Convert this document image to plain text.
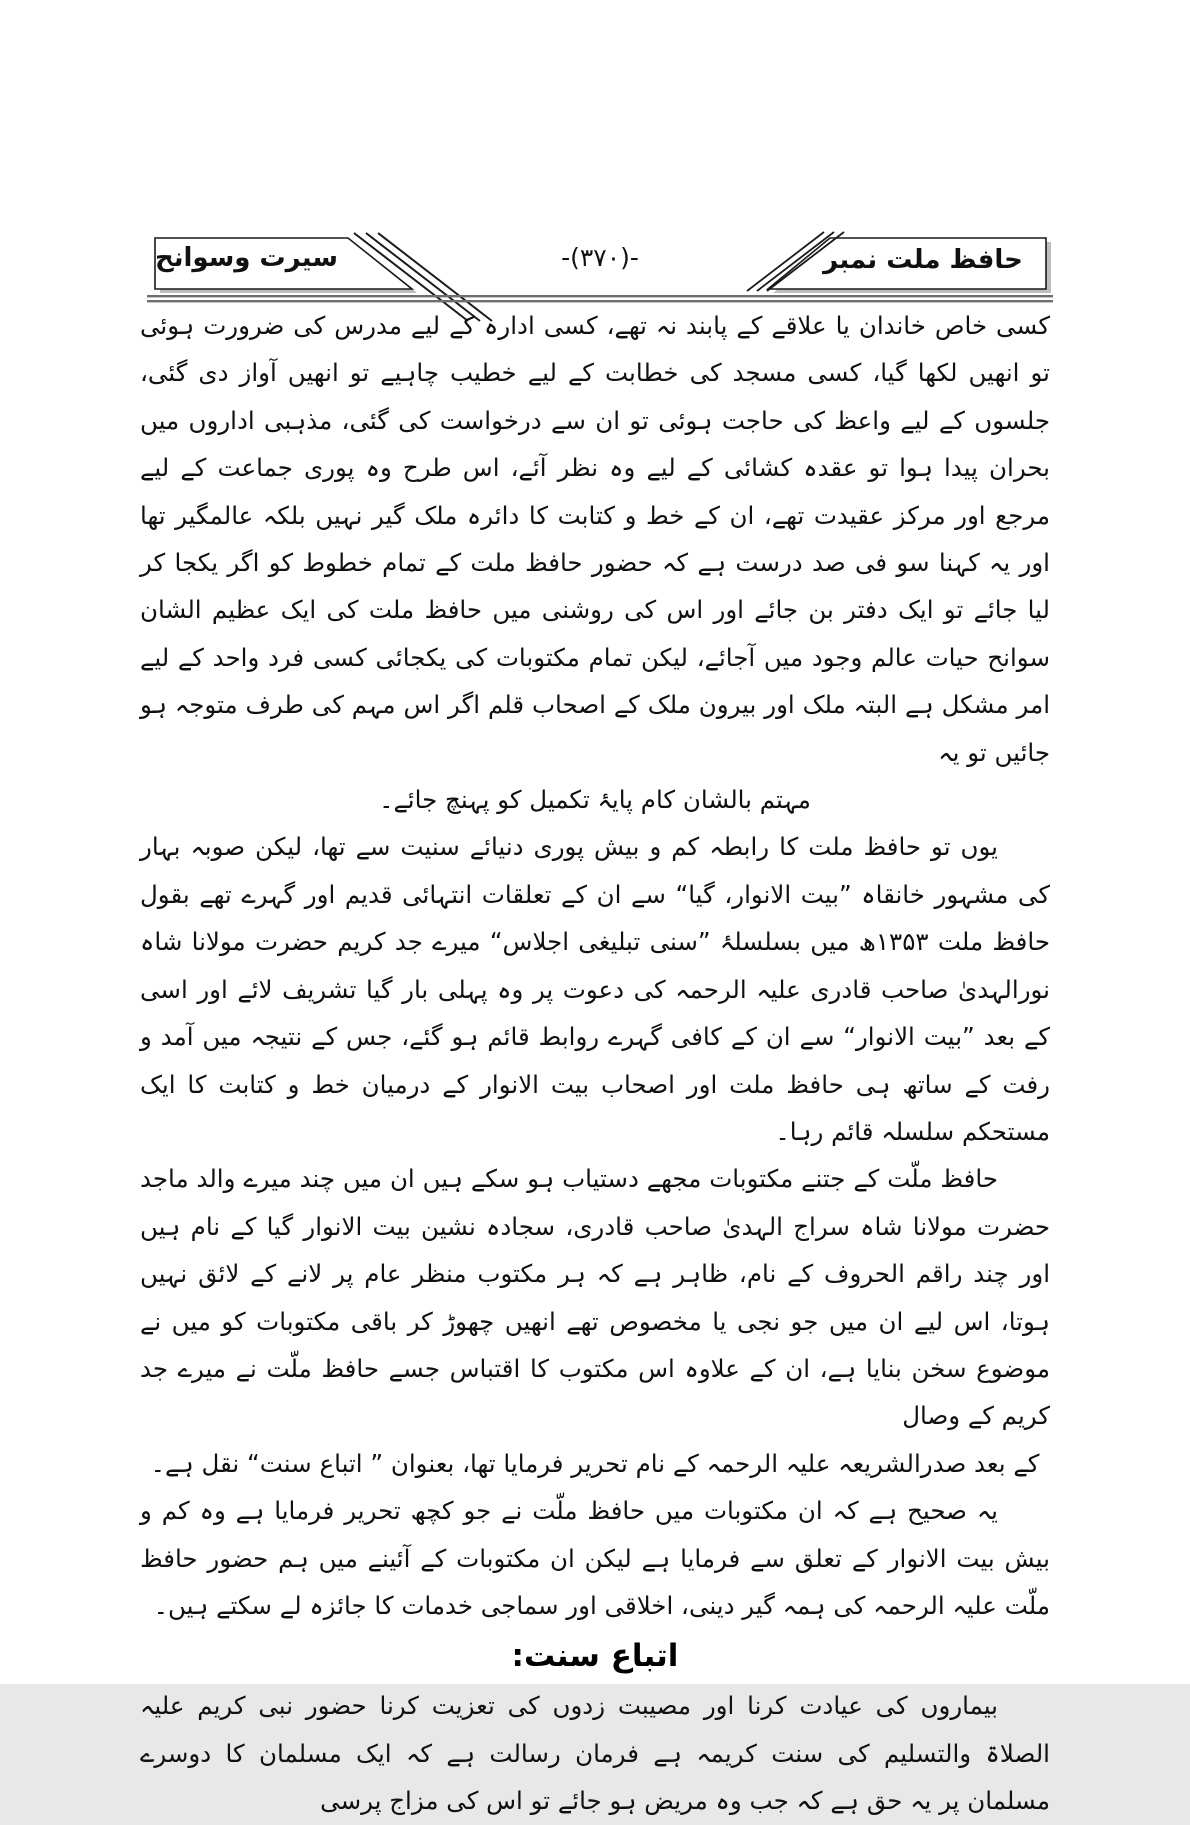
حافظ ملت نمبر
-(۳۷۰)-
سیرت وسوانح

کسی خاص خاندان یا علاقے کے پابند نہ تھے، کسی ادارہ کے لیے مدرس کی ضرورت ہوئی تو انھیں لکھا گیا، کسی مسجد کی خطابت کے لیے خطیب چاہیے تو انھیں آواز دی گئی، جلسوں کے لیے واعظ کی حاجت ہوئی تو ان سے درخواست کی گئی، مذہبی اداروں میں بحران پیدا ہوا تو عقدہ کشائی کے لیے وہ نظر آئے، اس طرح وہ پوری جماعت کے لیے مرجع اور مرکز عقیدت تھے، ان کے خط و کتابت کا دائرہ ملک گیر نہیں بلکہ عالمگیر تھا اور یہ کہنا سو فی صد درست ہے کہ حضور حافظ ملت کے تمام خطوط کو اگر یکجا کر لیا جائے تو ایک دفتر بن جائے اور اس کی روشنی میں حافظ ملت کی ایک عظیم الشان سوانح حیات عالم وجود میں آجائے، لیکن تمام مکتوبات کی یکجائی کسی فرد واحد کے لیے امر مشکل ہے البتہ ملک اور بیرون ملک کے اصحاب قلم اگر اس مہم کی طرف متوجہ ہو جائیں تو یہ

مہتم بالشان کام پایۂ تکمیل کو پہنچ جائے۔

یوں تو حافظ ملت کا رابطہ کم و بیش پوری دنیائے سنیت سے تھا، لیکن صوبہ بہار کی مشہور خانقاہ ”بیت الانوار، گیا“ سے ان کے تعلقات انتہائی قدیم اور گہرے تھے بقول حافظ ملت ۱۳۵۳ھ میں بسلسلۂ ”سنی تبلیغی اجلاس“ میرے جد کریم حضرت مولانا شاہ نورالہدیٰ صاحب قادری علیہ الرحمہ کی دعوت پر وہ پہلی بار گیا تشریف لائے اور اسی کے بعد ”بیت الانوار“ سے ان کے کافی گہرے روابط قائم ہو گئے، جس کے نتیجہ میں آمد و رفت کے ساتھ ہی حافظ ملت اور اصحاب بیت الانوار کے درمیان خط و کتابت کا ایک مستحکم سلسلہ قائم رہا۔

حافظ ملّت کے جتنے مکتوبات مجھے دستیاب ہو سکے ہیں ان میں چند میرے والد ماجد حضرت مولانا شاہ سراج الہدیٰ صاحب قادری، سجادہ نشین بیت الانوار گیا کے نام ہیں اور چند راقم الحروف کے نام، ظاہر ہے کہ ہر مکتوب منظر عام پر لانے کے لائق نہیں ہوتا، اس لیے ان میں جو نجی یا مخصوص تھے انھیں چھوڑ کر باقی مکتوبات کو میں نے موضوع سخن بنایا ہے، ان کے علاوہ اس مکتوب کا اقتباس جسے حافظ ملّت نے میرے جد کریم کے وصال

کے بعد صدرالشریعہ علیہ الرحمہ کے نام تحریر فرمایا تھا، بعنوان ” اتباع سنت“ نقل ہے۔

یہ صحیح ہے کہ ان مکتوبات میں حافظ ملّت نے جو کچھ تحریر فرمایا ہے وہ کم و بیش بیت الانوار کے تعلق سے فرمایا ہے لیکن ان مکتوبات کے آئینے میں ہم حضور حافظ ملّت علیہ الرحمہ کی ہمہ گیر دینی، اخلاقی اور سماجی خدمات کا جائزہ لے سکتے ہیں۔

اتباع سنت:

بیماروں کی عیادت کرنا اور مصیبت زدوں کی تعزیت کرنا حضور نبی کریم علیہ الصلاۃ والتسلیم کی سنت کریمہ ہے فرمان رسالت ہے کہ ایک مسلمان کا دوسرے مسلمان پر یہ حق ہے کہ جب وہ مریض ہو جائے تو اس کی مزاج پرسی
